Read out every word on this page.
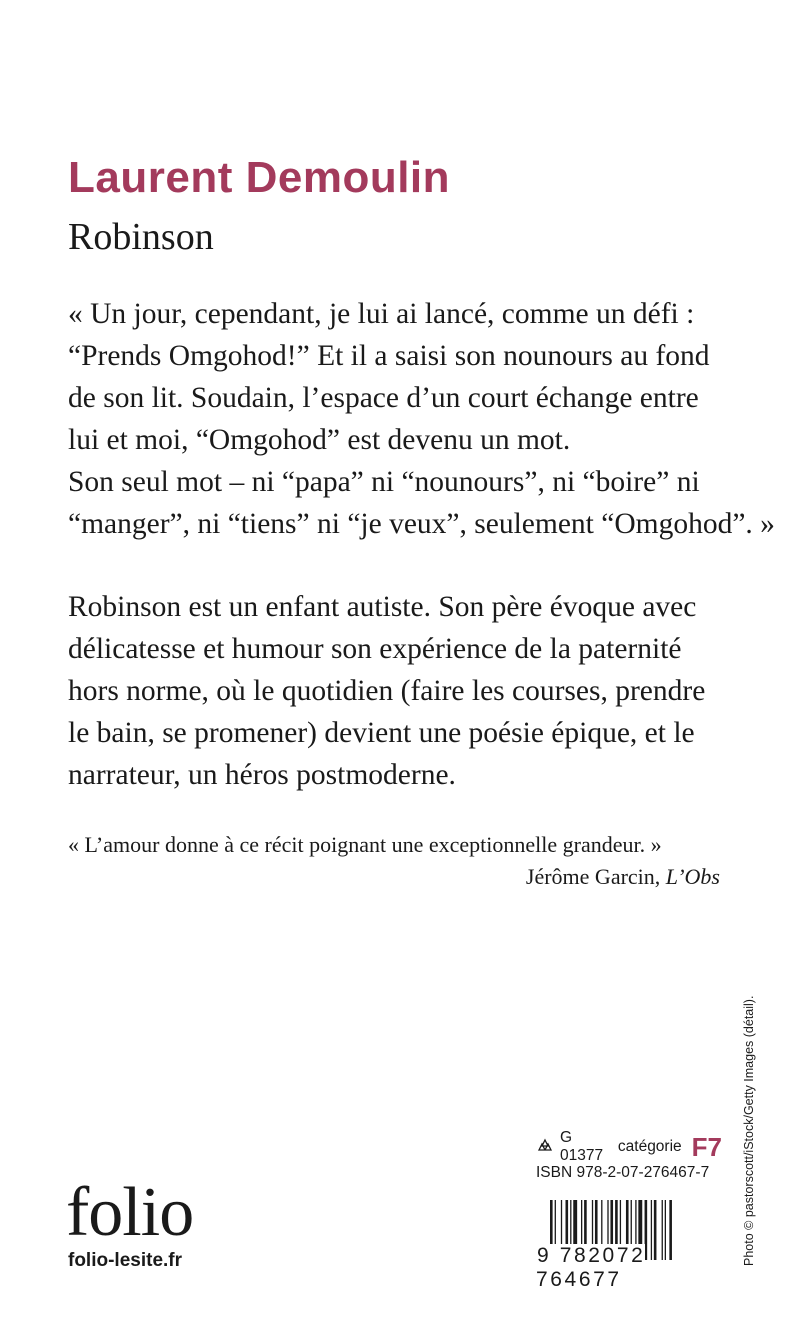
Laurent Demoulin
Robinson

« Un jour, cependant, je lui ai lancé, comme un défi :
“Prends Omgohod!” Et il a saisi son nounours au fond
de son lit. Soudain, l’espace d’un court échange entre
lui et moi, “Omgohod” est devenu un mot.
Son seul mot – ni “papa” ni “nounours”, ni “boire” ni
“manger”, ni “tiens” ni “je veux”, seulement “Omgohod”. »

Robinson est un enfant autiste. Son père évoque avec
délicatesse et humour son expérience de la paternité
hors norme, où le quotidien (faire les courses, prendre
le bain, se promener) devient une poésie épique, et le
narrateur, un héros postmoderne.

« L’amour donne à ce récit poignant une exceptionnelle grandeur. »
Jérôme Garcin, L’Obs
G 01377
catégorie F7
ISBN 978-2-07-276467-7
9 782072 764677
folio
folio-lesite.fr	Photo © pastorscott/iStock/Getty Images (détail).
